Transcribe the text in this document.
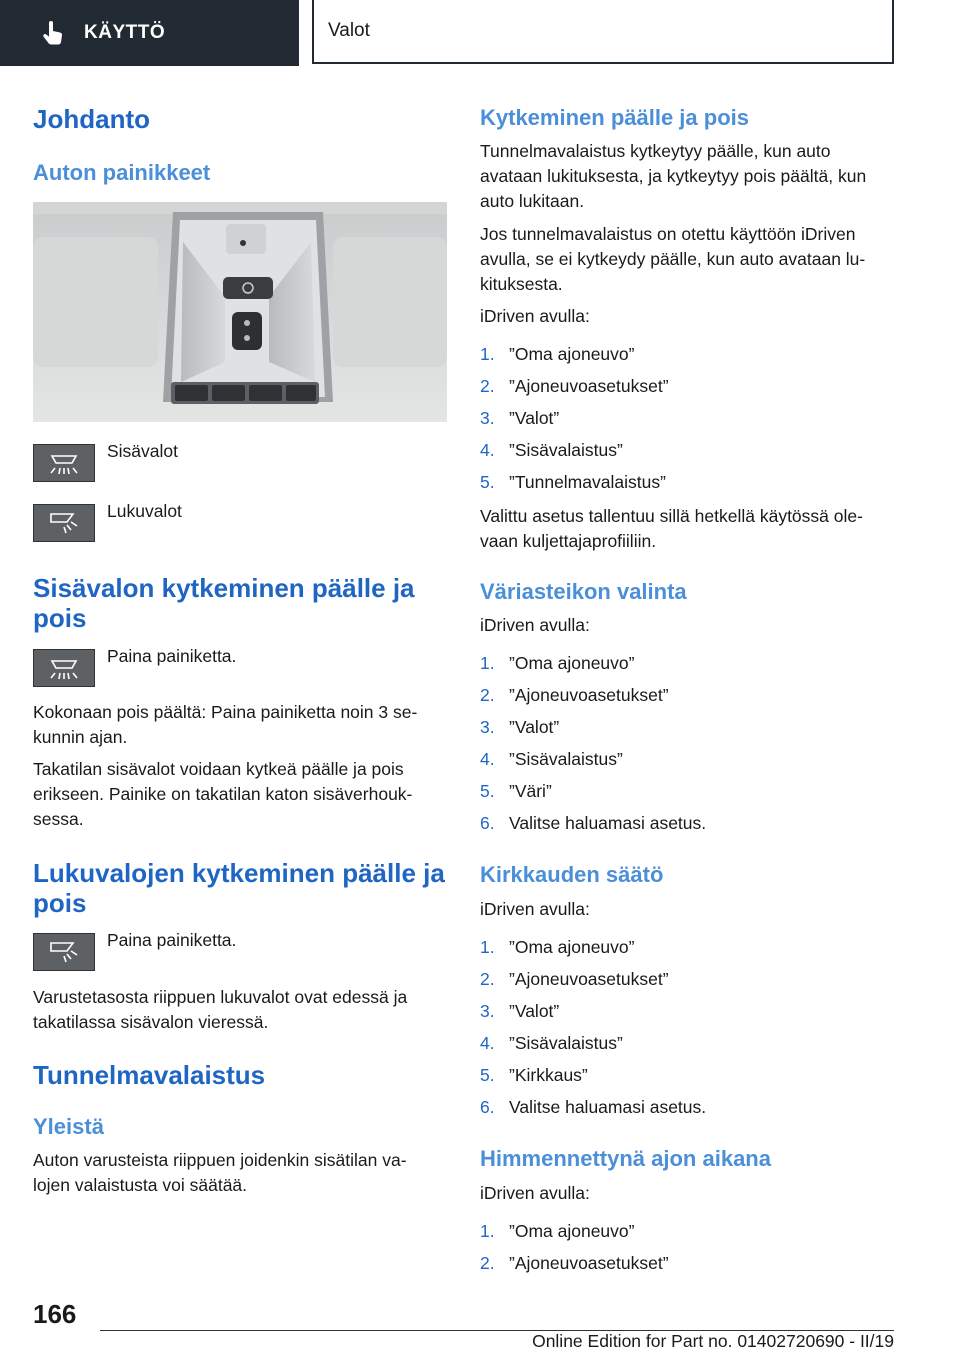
KÄYTTÖ	Valot
Johdanto
Auton painikkeet
Sisävalot
Lukuvalot
Sisävalon kytkeminen päälle ja
pois

Paina painiketta.

Kokonaan pois päältä: Paina painiketta noin 3 se-

kunnin ajan.

Takatilan sisävalot voidaan kytkeä päälle ja pois

erikseen. Painike on takatilan katon sisäverhouk-

sessa.

Lukuvalojen kytkeminen päälle ja
pois

Paina painiketta.

Varustetasosta riippuen lukuvalot ovat edessä ja

takatilassa sisävalon vieressä.

Tunnelmavalaistus
Yleistä

Auton varusteista riippuen joidenkin sisätilan va-

lojen valaistusta voi säätää.

Kytkeminen päälle ja pois

Tunnelmavalaistus kytkeytyy päälle, kun auto

avataan lukituksesta, ja kytkeytyy pois päältä, kun

auto lukitaan.

Jos tunnelmavalaistus on otettu käyttöön iDriven

avulla, se ei kytkeydy päälle, kun auto avataan lu-

kituksesta.

iDriven avulla:

1. ”Oma ajoneuvo”
2. ”Ajoneuvoasetukset”
3. ”Valot”
4. ”Sisävalaistus”
5. ”Tunnelmavalaistus”

Valittu asetus tallentuu sillä hetkellä käytössä ole-

vaan kuljettajaprofiiliin.

Väriasteikon valinta

iDriven avulla:

1. ”Oma ajoneuvo”
2. ”Ajoneuvoasetukset”
3. ”Valot”
4. ”Sisävalaistus”
5. ”Väri”
6. Valitse haluamasi asetus.
Kirkkauden säätö

iDriven avulla:

1. ”Oma ajoneuvo”
2. ”Ajoneuvoasetukset”
3. ”Valot”
4. ”Sisävalaistus”
5. ”Kirkkaus”
6. Valitse haluamasi asetus.
Himmennettynä ajon aikana

iDriven avulla:

1. ”Oma ajoneuvo”
2. ”Ajoneuvoasetukset”
166
Online Edition for Part no. 01402720690 - II/19
